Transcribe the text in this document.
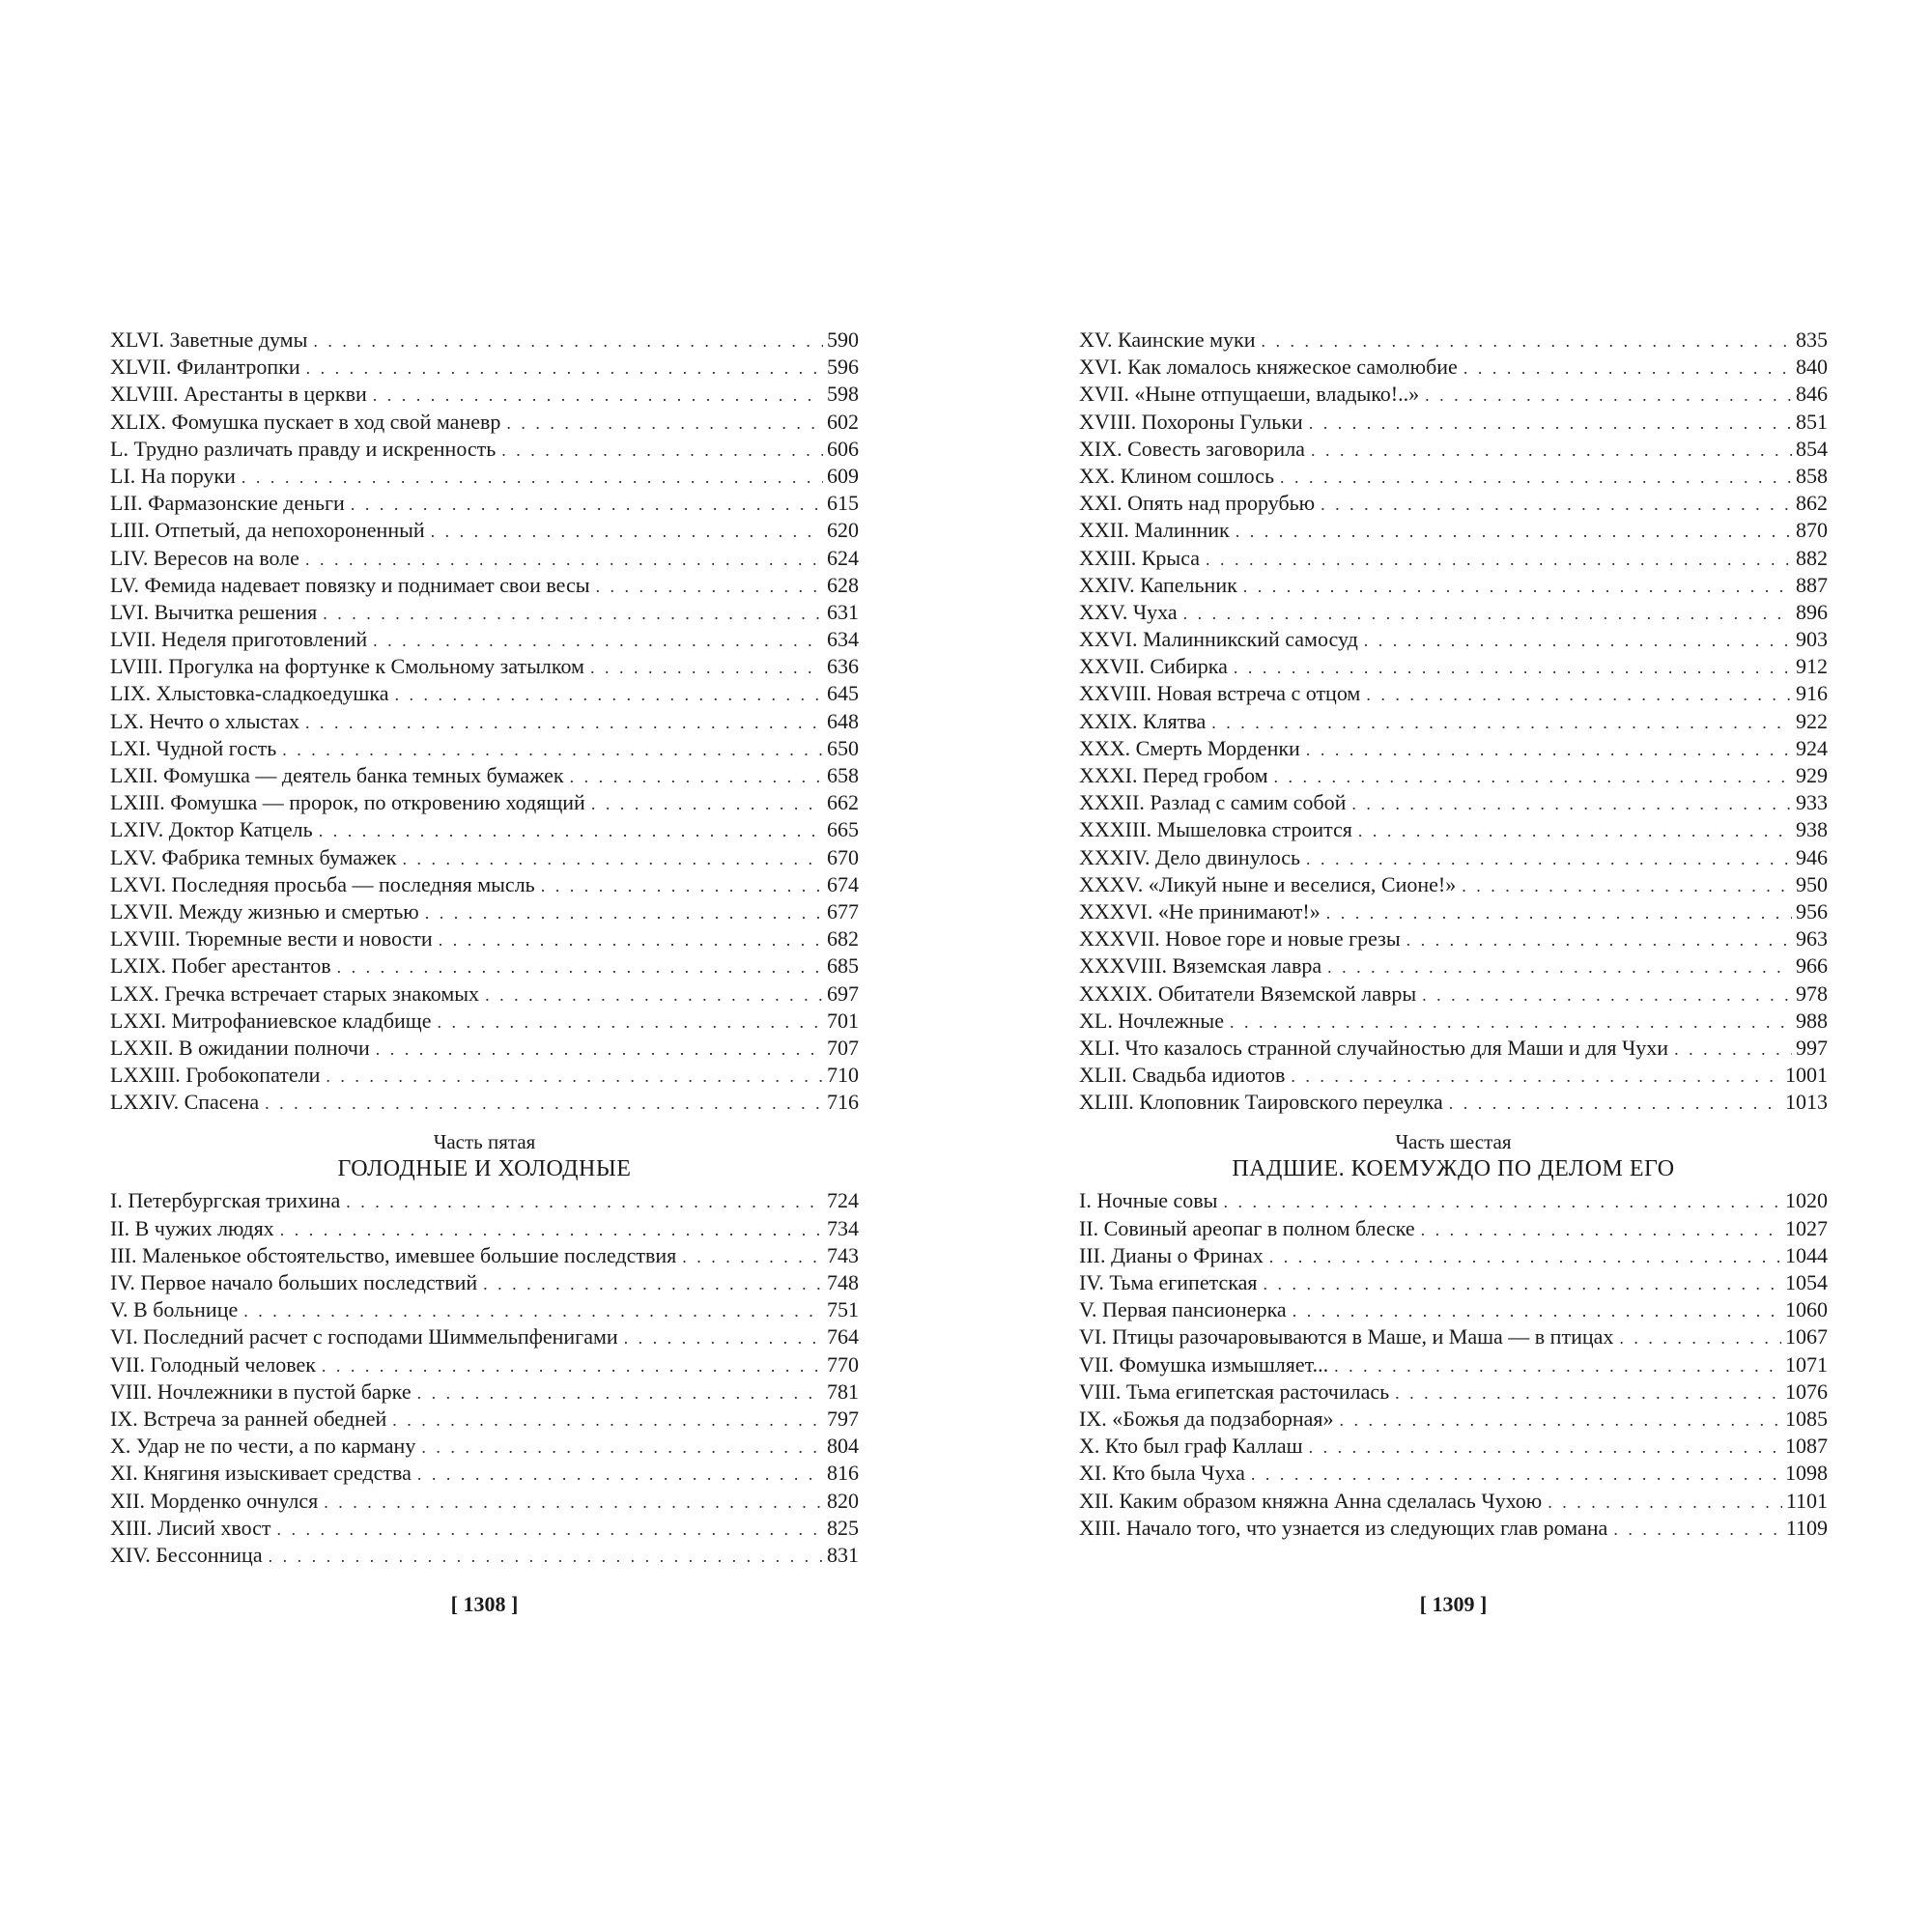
XLVI. Заветные думы . . .	590
XLVII. Филантропки . . .	596
XLVIII. Арестанты в церкви . . .	598
XLIX. Фомушка пускает в ход свой маневр . . .	602
L. Трудно различать правду и искренность . . .	606
LI. На поруки . . .	609
LII. Фармазонские деньги . . .	615
LIII. Отпетый, да непохороненный . . .	620
LIV. Вересов на воле . . .	624
LV. Фемида надевает повязку и поднимает свои весы . . .	628
LVI. Вычитка решения . . .	631
LVII. Неделя приготовлений . . .	634
LVIII. Прогулка на фортунке к Смольному затылком . . .	636
LIX. Хлыстовка-сладкоедушка . . .	645
LX. Нечто о хлыстах . . .	648
LXI. Чудной гость . . .	650
LXII. Фомушка — деятель банка темных бумажек . . .	658
LXIII. Фомушка — пророк, по откровению ходящий . . .	662
LXIV. Доктор Катцель . . .	665
LXV. Фабрика темных бумажек . . .	670
LXVI. Последняя просьба — последняя мысль . . .	674
LXVII. Между жизнью и смертью . . .	677
LXVIII. Тюремные вести и новости . . .	682
LXIX. Побег арестантов . . .	685
LXX. Гречка встречает старых знакомых . . .	697
LXXI. Митрофаниевское кладбище . . .	701
LXXII. В ожидании полночи . . .	707
LXXIII. Гробокопатели . . .	710
LXXIV. Спасена . . .	716
Часть пятая
ГОЛОДНЫЕ И ХОЛОДНЫЕ
I. Петербургская трихина . . .	724
II. В чужих людях . . .	734
III. Маленькое обстоятельство, имевшее большие последствия . . .	743
IV. Первое начало больших последствий . . .	748
V. В больнице . . .	751
VI. Последний расчет с господами Шиммельпфенигами . . .	764
VII. Голодный человек . . .	770
VIII. Ночлежники в пустой барке . . .	781
IX. Встреча за ранней обедней . . .	797
X. Удар не по чести, а по карману . . .	804
XI. Княгиня изыскивает средства . . .	816
XII. Морденко очнулся . . .	820
XIII. Лисий хвост . . .	825
XIV. Бессонница . . .	831
XV. Каинские муки . . .	835
XVI. Как ломалось княжеское самолюбие . . .	840
XVII. «Ныне отпущаеши, владыко!..» . . .	846
XVIII. Похороны Гульки . . .	851
XIX. Совесть заговорила . . .	854
XX. Клином сошлось . . .	858
XXI. Опять над прорубью . . .	862
XXII. Малинник . . .	870
XXIII. Крыса . . .	882
XXIV. Капельник . . .	887
XXV. Чуха . . .	896
XXVI. Малинникский самосуд . . .	903
XXVII. Сибирка . . .	912
XXVIII. Новая встреча с отцом . . .	916
XXIX. Клятва . . .	922
XXX. Смерть Морденки . . .	924
XXXI. Перед гробом . . .	929
XXXII. Разлад с самим собой . . .	933
XXXIII. Мышеловка строится . . .	938
XXXIV. Дело двинулось . . .	946
XXXV. «Ликуй ныне и веселися, Сионе!» . . .	950
XXXVI. «Не принимают!» . . .	956
XXXVII. Новое горе и новые грезы . . .	963
XXXVIII. Вяземская лавра . . .	966
XXXIX. Обитатели Вяземской лавры . . .	978
XL. Ночлежные . . .	988
XLI. Что казалось странной случайностью для Маши и для Чухи . . .	997
XLII. Свадьба идиотов . . .	1001
XLIII. Клоповник Таировского переулка . . .	1013
Часть шестая
ПАДШИЕ. КОЕМУЖДО ПО ДЕЛОМ ЕГО
I. Ночные совы . . .	1020
II. Совиный ареопаг в полном блеске . . .	1027
III. Дианы о Фринах . . .	1044
IV. Тьма египетская . . .	1054
V. Первая пансионерка . . .	1060
VI. Птицы разочаровываются в Маше, и Маша — в птицах . . .	1067
VII. Фомушка измышляет... . . .	1071
VIII. Тьма египетская расточилась . . .	1076
IX. «Божья да подзаборная» . . .	1085
X. Кто был граф Каллаш . . .	1087
XI. Кто была Чуха . . .	1098
XII. Каким образом княжна Анна сделалась Чухою . . .	1101
XIII. Начало того, что узнается из следующих глав романа . . .	1109
[ 1308 ]	[ 1309 ]
